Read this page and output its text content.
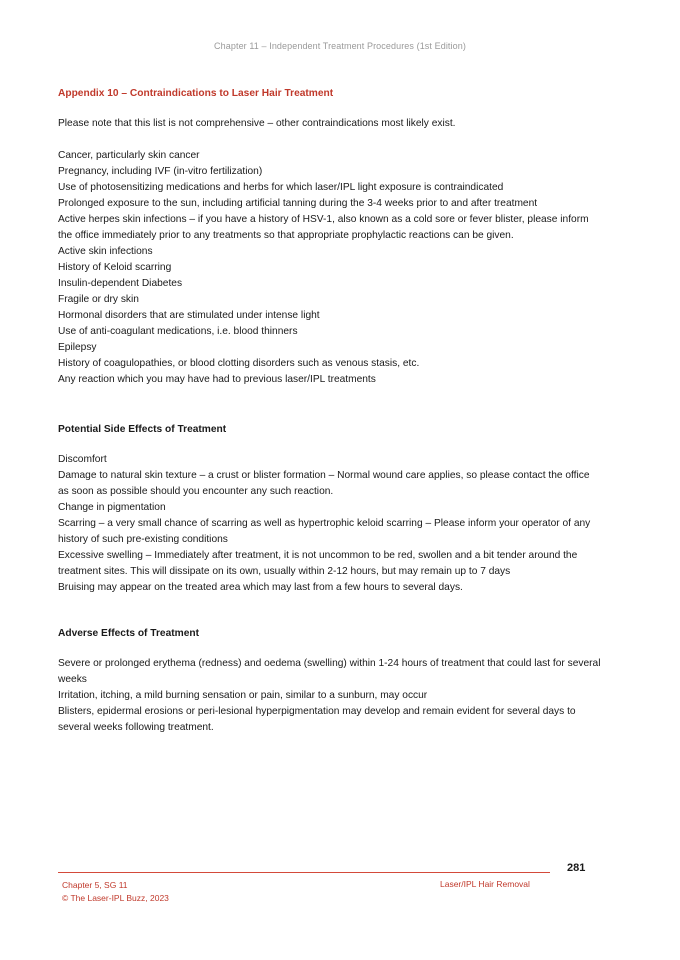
Chapter 11 – Independent Treatment Procedures (1st Edition)

Appendix 10 – Contraindications to Laser Hair Treatment

Please note that this list is not comprehensive – other contraindications most likely exist.

Cancer, particularly skin cancer

Pregnancy, including IVF (in-vitro fertilization)

Use of photosensitizing medications and herbs for which laser/IPL light exposure is contraindicated

Prolonged exposure to the sun, including artificial tanning during the 3-4 weeks prior to and after treatment

Active herpes skin infections – if you have a history of HSV-1, also known as a cold sore or fever blister, please inform the office immediately prior to any treatments so that appropriate prophylactic reactions can be given.

Active skin infections

History of Keloid scarring

Insulin-dependent Diabetes

Fragile or dry skin

Hormonal disorders that are stimulated under intense light

Use of anti-coagulant medications, i.e. blood thinners

Epilepsy

History of coagulopathies, or blood clotting disorders such as venous stasis, etc.

Any reaction which you may have had to previous laser/IPL treatments

Potential Side Effects of Treatment

Discomfort

Damage to natural skin texture – a crust or blister formation – Normal wound care applies, so please contact the office as soon as possible should you encounter any such reaction.

Change in pigmentation

Scarring – a very small chance of scarring as well as hypertrophic keloid scarring – Please inform your operator of any history of such pre-existing conditions

Excessive swelling – Immediately after treatment, it is not uncommon to be red, swollen and a bit tender around the treatment sites. This will dissipate on its own, usually within 2-12 hours, but may remain up to 7 days

Bruising may appear on the treated area which may last from a few hours to several days.

Adverse Effects of Treatment

Severe or prolonged erythema (redness) and oedema (swelling) within 1-24 hours of treatment that could last for several weeks

Irritation, itching, a mild burning sensation or pain, similar to a sunburn, may occur

Blisters, epidermal erosions or peri-lesional hyperpigmentation may develop and remain evident for several days to several weeks following treatment.

281
Chapter 5, SG 11
© The Laser-IPL Buzz, 2023
Laser/IPL Hair Removal
